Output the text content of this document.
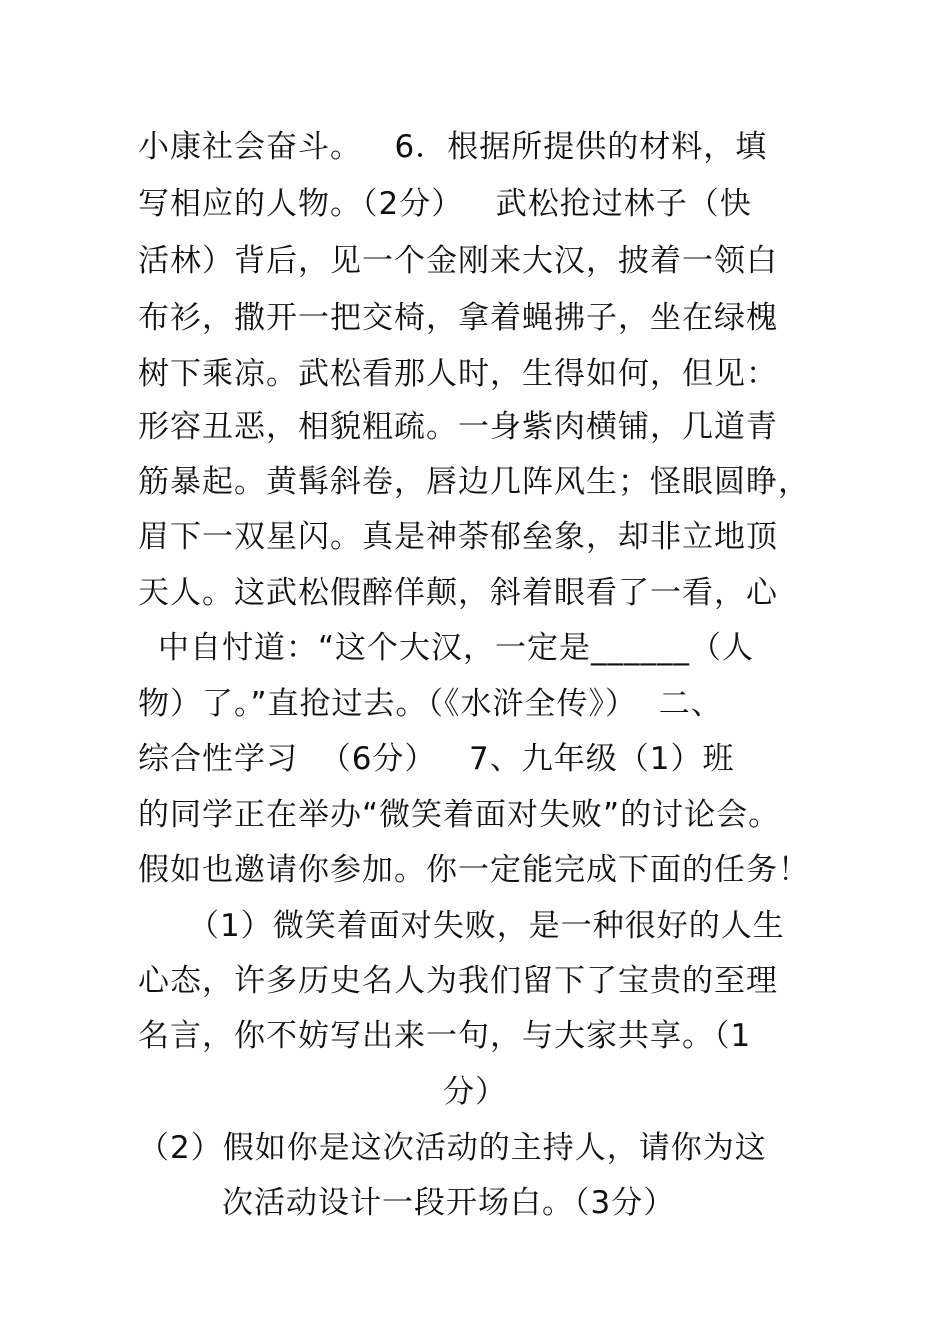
小康社会奋斗。   6．根据所提供的材料，填
写相应的人物。（2分）   武松抢过林子（快
活林）背后，见一个金刚来大汉，披着一领白
布衫，撒开一把交椅，拿着蝇拂子，坐在绿槐
树下乘凉。武松看那人时，生得如何，但见：
形容丑恶，相貌粗疏。一身紫肉横铺，几道青
筋暴起。黄髯斜卷，唇边几阵风生；怪眼圆睁，
眉下一双星闪。真是神荼郁垒象，却非立地顶
天人。这武松假醉佯颠，斜着眼看了一看，心
中自忖道：“这个大汉，一定是______（人
物）了。”直抢过去。（《水浒全传》）  二、
综合性学习  （6分）   7、九年级（1）班
的同学正在举办“微笑着面对失败”的讨论会。
假如也邀请你参加。你一定能完成下面的任务！
（1）微笑着面对失败，是一种很好的人生
心态，许多历史名人为我们留下了宝贵的至理
名言，你不妨写出来一句，与大家共享。（1
分）
（2）假如你是这次活动的主持人，请你为这
次活动设计一段开场白。（3分）
